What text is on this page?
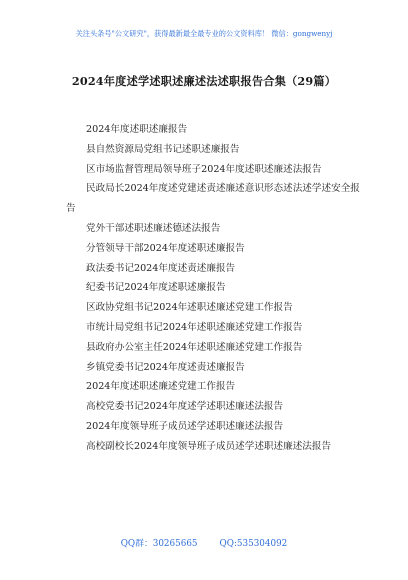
关注头条号"公文研究"，获得最新最全最专业的公文资料库！ 微信：gongwenyj
2024年度述学述职述廉述法述职报告合集（29篇）
2024年度述职述廉报告
县自然资源局党组书记述职述廉报告
区市场监督管理局领导班子2024年度述职述廉述法报告
民政局长2024年度述党建述责述廉述意识形态述法述学述安全报告
党外干部述职述廉述德述法报告
分管领导干部2024年度述职述廉报告
政法委书记2024年度述责述廉报告
纪委书记2024年度述职述廉报告
区政协党组书记2024年述职述廉述党建工作报告
市统计局党组书记2024年述职述廉述党建工作报告
县政府办公室主任2024年述职述廉述党建工作报告
乡镇党委书记2024年度述责述廉报告
2024年度述职述廉述党建工作报告
高校党委书记2024年度述学述职述廉述法报告
2024年度领导班子成员述学述职述廉述法报告
高校副校长2024年度领导班子成员述学述职述廉述法报告
QQ群：30265665	QQ:535304092
